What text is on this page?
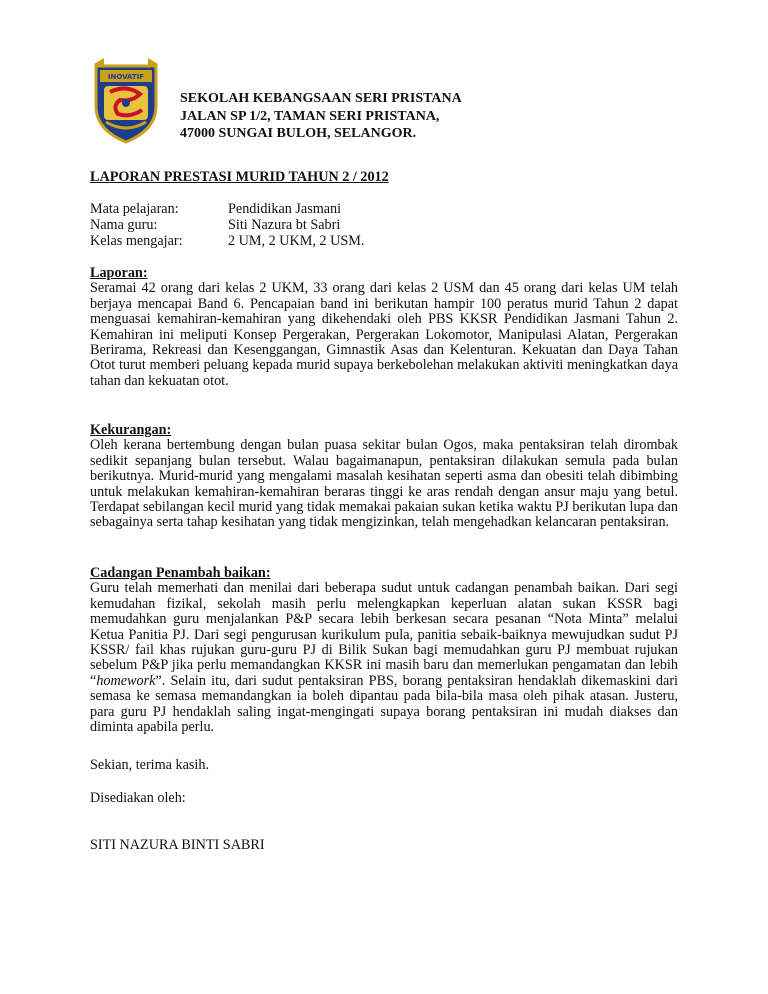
INOVATIF
SEKOLAH KEBANGSAAN SERI PRISTANA
JALAN SP 1/2, TAMAN SERI PRISTANA,
47000 SUNGAI BULOH, SELANGOR.
LAPORAN PRESTASI MURID TAHUN 2 / 2012
Mata pelajaran:	Pendidikan Jasmani
Nama guru:	Siti Nazura bt Sabri
Kelas mengajar:	2 UM, 2 UKM, 2 USM.
Laporan:
Seramai 42 orang dari kelas 2 UKM, 33 orang dari kelas 2 USM dan 45 orang dari kelas UM telah berjaya mencapai Band 6. Pencapaian band ini berikutan hampir 100 peratus murid Tahun 2 dapat menguasai kemahiran-kemahiran yang dikehendaki oleh PBS KKSR Pendidikan Jasmani Tahun 2. Kemahiran ini meliputi Konsep Pergerakan, Pergerakan Lokomotor, Manipulasi Alatan, Pergerakan Berirama, Rekreasi dan Kesenggangan, Gimnastik Asas dan Kelenturan. Kekuatan dan Daya Tahan Otot turut memberi peluang kepada murid supaya berkebolehan melakukan aktiviti meningkatkan daya tahan dan kekuatan otot.
Kekurangan:
Oleh kerana bertembung dengan bulan puasa sekitar bulan Ogos, maka pentaksiran telah dirombak sedikit sepanjang bulan tersebut. Walau bagaimanapun, pentaksiran dilakukan semula pada bulan berikutnya. Murid-murid yang mengalami masalah kesihatan seperti asma dan obesiti telah dibimbing untuk melakukan kemahiran-kemahiran beraras tinggi ke aras rendah dengan ansur maju yang betul. Terdapat sebilangan kecil murid yang tidak memakai pakaian sukan ketika waktu PJ berikutan lupa dan sebagainya serta tahap kesihatan yang tidak mengizinkan, telah mengehadkan kelancaran pentaksiran.
Cadangan Penambah baikan:
Guru telah memerhati dan menilai dari beberapa sudut untuk cadangan penambah baikan. Dari segi kemudahan fizikal, sekolah masih perlu melengkapkan keperluan alatan sukan KSSR bagi memudahkan guru menjalankan P&P secara lebih berkesan secara pesanan “Nota Minta” melalui Ketua Panitia PJ. Dari segi pengurusan kurikulum pula, panitia sebaik-baiknya mewujudkan sudut PJ KSSR/ fail khas rujukan guru-guru PJ di Bilik Sukan bagi memudahkan guru PJ membuat rujukan sebelum P&P jika perlu memandangkan KKSR ini masih baru dan memerlukan pengamatan dan lebih “homework”. Selain itu, dari sudut pentaksiran PBS, borang pentaksiran hendaklah dikemaskini dari semasa ke semasa memandangkan ia boleh dipantau pada bila-bila masa oleh pihak atasan. Justeru, para guru PJ hendaklah saling ingat-mengingati supaya borang pentaksiran ini mudah diakses dan diminta apabila perlu.
Sekian, terima kasih.
Disediakan oleh:
SITI NAZURA BINTI SABRI
